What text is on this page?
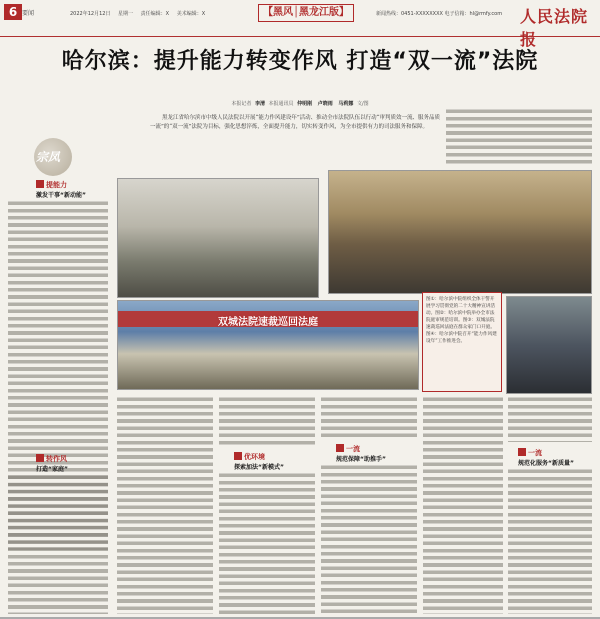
6 要闻	2022年12月12日 星期一 责任编辑：X 美术编辑：X	【黑风│黑龙江版】	新闻热线：0451-XXXXXXXX 电子信箱：hl@rmfy.com 人民法院报
哈尔滨：提升能力转变作风 打造“双一流”法院
本报记者 李清 本报通讯员 仲明刚 卢晓雨 马莉娜 文/图
黑龙江省哈尔滨市中级人民法院以开展“能力作风建设年”活动、推动全市法院队伍以行动“审判质效一流、服务品质一流”的“双一流”法院为目标，强化思想淬炼，全面提升能力，切实转变作风，为全市提供有力的司法服务和保障。
宗凤
提能力
激发干事“新动能”
转作风
打造“家庭”
双城法院速裁巡回法庭
图①：哈尔滨中院组织全体干警开展学习贯彻党的二十大精神宣讲活动。图②：哈尔滨中院举办全市法院庭审规范培训。图③：双城法院速裁巡回法庭在群众家门口开庭。图④：哈尔滨中院召开“能力作风建设年”工作推进会。
优环境
探索加法“新模式”
一流
规范保障“助推手”
一流
规范化服务“新质量”
